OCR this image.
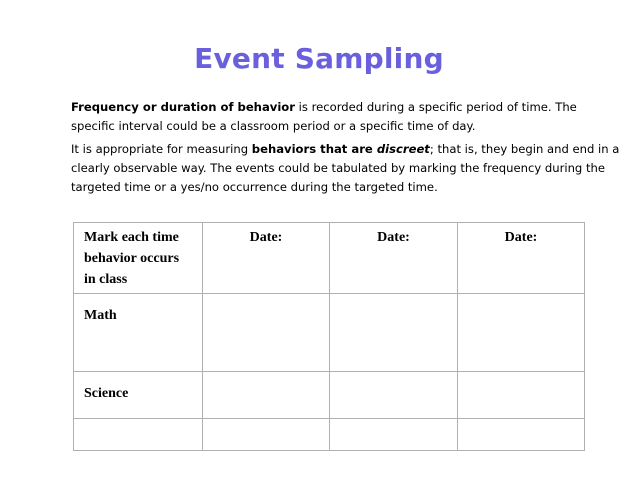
Event Sampling
Frequency or duration of behavior is recorded during a specific period of time. The specific interval could be a classroom period or a specific time of day.
It is appropriate for measuring behaviors that are discreet; that is, they begin and end in a clearly observable way. The events could be tabulated by marking the frequency during the targeted time or a yes/no occurrence during the targeted time.
Mark each time behavior occurs in class	Date:	Date:	Date:
Math			
Science			
